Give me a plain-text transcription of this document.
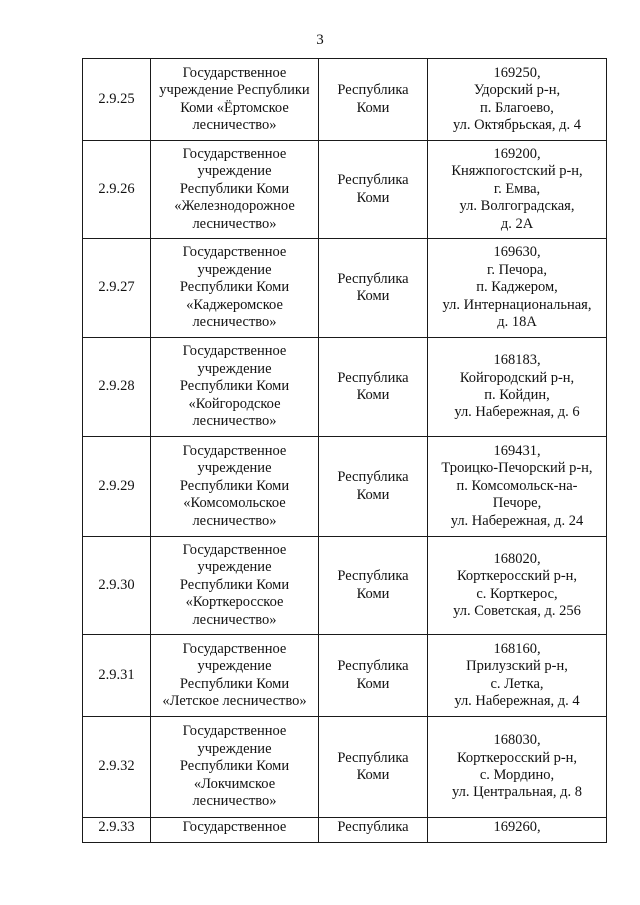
3
2.9.25	Государственное
учреждение Республики
Коми «Ёртомское
лесничество»	Республика
Коми	169250,
Удорский р-н,
п. Благоево,
ул. Октябрьская, д. 4
2.9.26	Государственное
учреждение
Республики Коми
«Железнодорожное
лесничество»	Республика
Коми	169200,
Княжпогостский р-н,
г. Емва,
ул. Волгоградская,
д. 2А
2.9.27	Государственное
учреждение
Республики Коми
«Каджеромское
лесничество»	Республика
Коми	169630,
г. Печора,
п. Каджером,
ул. Интернациональная,
д. 18А
2.9.28	Государственное
учреждение
Республики Коми
«Койгородское
лесничество»	Республика
Коми	168183,
Койгородский р-н,
п. Койдин,
ул. Набережная, д. 6
2.9.29	Государственное
учреждение
Республики Коми
«Комсомольское
лесничество»	Республика
Коми	169431,
Троицко-Печорский р-н,
п. Комсомольск-на-
Печоре,
ул. Набережная, д. 24
2.9.30	Государственное
учреждение
Республики Коми
«Корткеросское
лесничество»	Республика
Коми	168020,
Корткеросский р-н,
с. Корткерос,
ул. Советская, д. 256
2.9.31	Государственное
учреждение
Республики Коми
«Летское лесничество»	Республика
Коми	168160,
Прилузский р-н,
с. Летка,
ул. Набережная, д. 4
2.9.32	Государственное
учреждение
Республики Коми
«Локчимское
лесничество»	Республика
Коми	168030,
Корткеросский р-н,
с. Мордино,
ул. Центральная, д. 8
2.9.33	Государственное	Республика	169260,
